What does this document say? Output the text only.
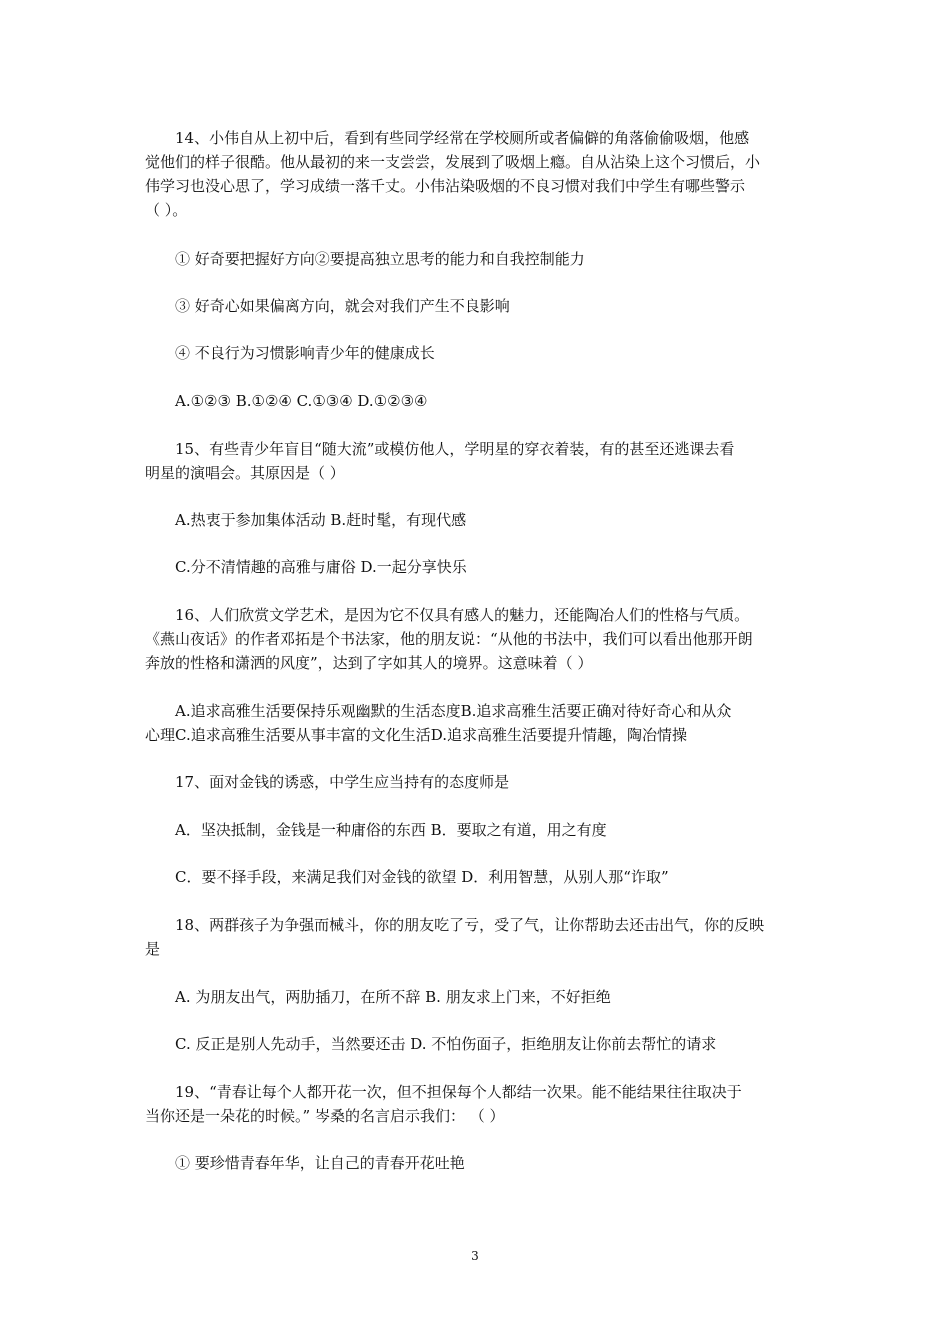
14、小伟自从上初中后，看到有些同学经常在学校厕所或者偏僻的角落偷偷吸烟，他感
觉他们的样子很酷。他从最初的来一支尝尝，发展到了吸烟上瘾。自从沾染上这个习惯后，小
伟学习也没心思了，学习成绩一落千丈。小伟沾染吸烟的不良习惯对我们中学生有哪些警示
（ ）。

① 好奇要把握好方向②要提高独立思考的能力和自我控制能力

③ 好奇心如果偏离方向，就会对我们产生不良影响

④ 不良行为习惯影响青少年的健康成长

A.①②③ B.①②④ C.①③④ D.①②③④

15、有些青少年盲目“随大流”或模仿他人，学明星的穿衣着装，有的甚至还逃课去看
明星的演唱会。其原因是（ ）

A.热衷于参加集体活动 B.赶时髦，有现代感

C.分不清情趣的高雅与庸俗 D.一起分享快乐

16、人们欣赏文学艺术，是因为它不仅具有感人的魅力，还能陶冶人们的性格与气质。
《燕山夜话》的作者邓拓是个书法家，他的朋友说：“从他的书法中，我们可以看出他那开朗
奔放的性格和潇洒的风度”，达到了字如其人的境界。这意味着（ ）

A.追求高雅生活要保持乐观幽默的生活态度B.追求高雅生活要正确对待好奇心和从众
心理C.追求高雅生活要从事丰富的文化生活D.追求高雅生活要提升情趣，陶冶情操

17、面对金钱的诱惑，中学生应当持有的态度师是

A．坚决抵制，金钱是一种庸俗的东西 B．要取之有道，用之有度

C．要不择手段，来满足我们对金钱的欲望 D．利用智慧，从别人那“诈取”

18、两群孩子为争强而械斗，你的朋友吃了亏，受了气，让你帮助去还击出气，你的反映
是

A. 为朋友出气，两肋插刀，在所不辞 B. 朋友求上门来，不好拒绝

C. 反正是别人先动手，当然要还击 D. 不怕伤面子，拒绝朋友让你前去帮忙的请求

19、“青春让每个人都开花一次，但不担保每个人都结一次果。能不能结果往往取决于
当你还是一朵花的时候。” 岑桑的名言启示我们： （ ）

① 要珍惜青春年华，让自己的青春开花吐艳

3
